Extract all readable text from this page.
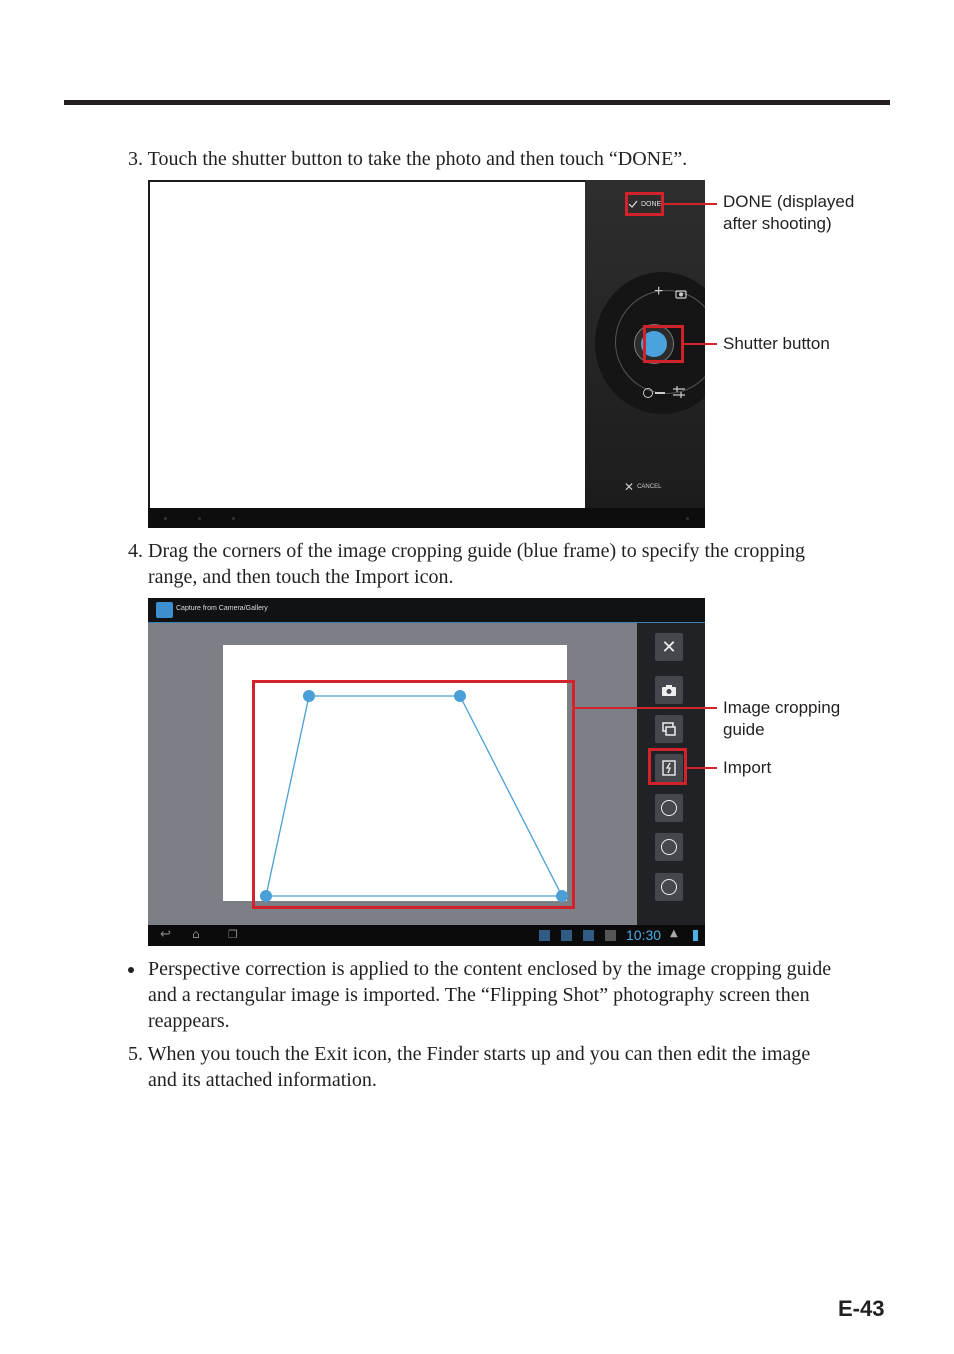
3. Touch the shutter button to take the photo and then touch “DONE”.
DONE
+
✕ CANCEL
DONE (displayed
after shooting)
Shutter button
4. Drag the corners of the image cropping guide (blue frame) to specify the cropping
range, and then touch the Import icon.
Capture from Camera/Gallery
✕
↩ ⌂	❐	10:30 ▲
Image cropping
guide
Import
Perspective correction is applied to the content enclosed by the image cropping guide
and a rectangular image is imported. The “Flipping Shot” photography screen then
reappears.
5. When you touch the Exit icon, the Finder starts up and you can then edit the image
and its attached information.
E-43
